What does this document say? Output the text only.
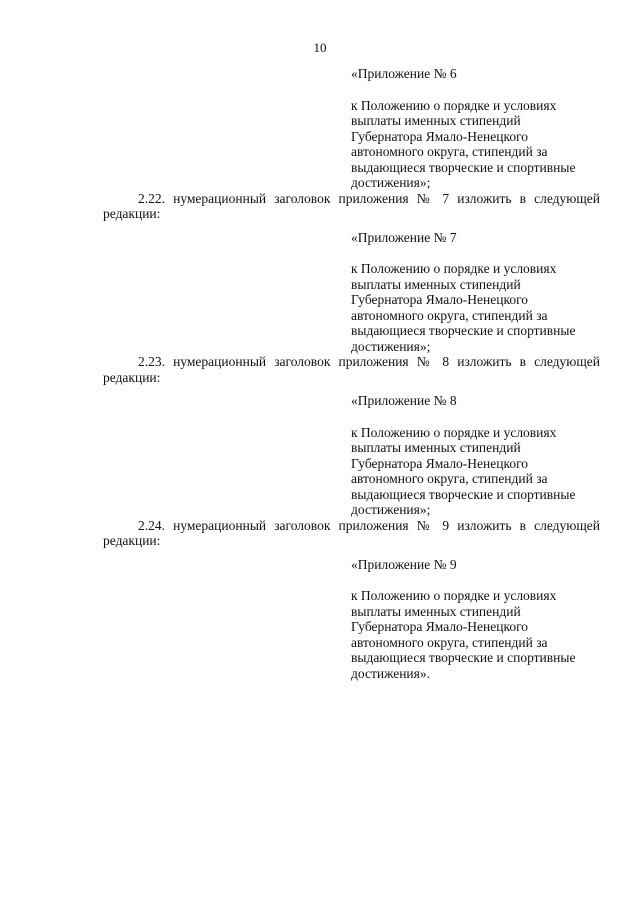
10

«Приложение № 6

к Положению о порядке и условиях
выплаты именных стипендий
Губернатора Ямало-Ненецкого
автономного округа, стипендий за
выдающиеся творческие и спортивные
достижения»;

2.22. нумерационный заголовок приложения № 7 изложить в следующей
редакции:

«Приложение № 7

к Положению о порядке и условиях
выплаты именных стипендий
Губернатора Ямало-Ненецкого
автономного округа, стипендий за
выдающиеся творческие и спортивные
достижения»;

2.23. нумерационный заголовок приложения № 8 изложить в следующей
редакции:

«Приложение № 8

к Положению о порядке и условиях
выплаты именных стипендий
Губернатора Ямало-Ненецкого
автономного округа, стипендий за
выдающиеся творческие и спортивные
достижения»;

2.24. нумерационный заголовок приложения № 9 изложить в следующей
редакции:

«Приложение № 9

к Положению о порядке и условиях
выплаты именных стипендий
Губернатора Ямало-Ненецкого
автономного округа, стипендий за
выдающиеся творческие и спортивные
достижения».
